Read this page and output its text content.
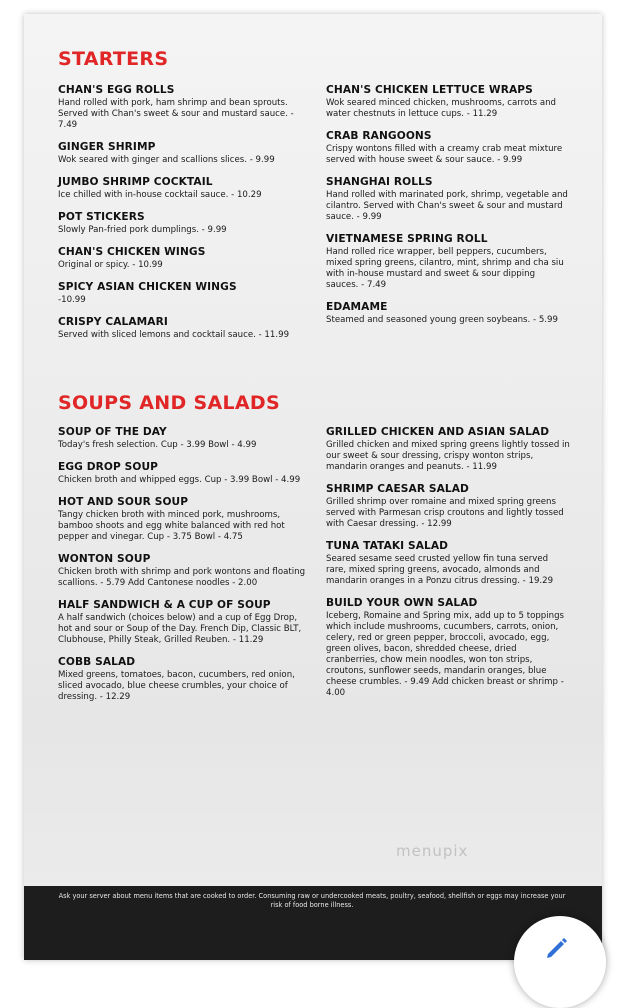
STARTERS
CHAN'S EGG ROLLS
Hand rolled with pork, ham shrimp and bean sprouts. Served with Chan's sweet & sour and mustard sauce. - 7.49
GINGER SHRIMP
Wok seared with ginger and scallions slices. - 9.99
JUMBO SHRIMP COCKTAIL
Ice chilled with in-house cocktail sauce. - 10.29
POT STICKERS
Slowly Pan-fried pork dumplings. - 9.99
CHAN'S CHICKEN WINGS
Original or spicy. - 10.99
SPICY ASIAN CHICKEN WINGS
-10.99
CRISPY CALAMARI
Served with sliced lemons and cocktail sauce. - 11.99
CHAN'S CHICKEN LETTUCE WRAPS
Wok seared minced chicken, mushrooms, carrots and water chestnuts in lettuce cups. - 11.29
CRAB RANGOONS
Crispy wontons filled with a creamy crab meat mixture served with house sweet & sour sauce. - 9.99
SHANGHAI ROLLS
Hand rolled with marinated pork, shrimp, vegetable and cilantro. Served with Chan's sweet & sour and mustard sauce. - 9.99
VIETNAMESE SPRING ROLL
Hand rolled rice wrapper, bell peppers, cucumbers, mixed spring greens, cilantro, mint, shrimp and cha siu with in-house mustard and sweet & sour dipping sauces. - 7.49
EDAMAME
Steamed and seasoned young green soybeans. - 5.99
SOUPS AND SALADS
SOUP OF THE DAY
Today's fresh selection. Cup - 3.99 Bowl - 4.99
EGG DROP SOUP
Chicken broth and whipped eggs. Cup - 3.99 Bowl - 4.99
HOT AND SOUR SOUP
Tangy chicken broth with minced pork, mushrooms, bamboo shoots and egg white balanced with red hot pepper and vinegar. Cup - 3.75 Bowl - 4.75
WONTON SOUP
Chicken broth with shrimp and pork wontons and floating scallions. - 5.79 Add Cantonese noodles - 2.00
HALF SANDWICH & A CUP OF SOUP
A half sandwich (choices below) and a cup of Egg Drop, hot and sour or Soup of the Day. French Dip, Classic BLT, Clubhouse, Philly Steak, Grilled Reuben. - 11.29
COBB SALAD
Mixed greens, tomatoes, bacon, cucumbers, red onion, sliced avocado, blue cheese crumbles, your choice of dressing. - 12.29
GRILLED CHICKEN AND ASIAN SALAD
Grilled chicken and mixed spring greens lightly tossed in our sweet & sour dressing, crispy wonton strips, mandarin oranges and peanuts. - 11.99
SHRIMP CAESAR SALAD
Grilled shrimp over romaine and mixed spring greens served with Parmesan crisp croutons and lightly tossed with Caesar dressing. - 12.99
TUNA TATAKI SALAD
Seared sesame seed crusted yellow fin tuna served rare, mixed spring greens, avocado, almonds and mandarin oranges in a Ponzu citrus dressing. - 19.29
BUILD YOUR OWN SALAD
Iceberg, Romaine and Spring mix, add up to 5 toppings which include mushrooms, cucumbers, carrots, onion, celery, red or green pepper, broccoli, avocado, egg, green olives, bacon, shredded cheese, dried cranberries, chow mein noodles, won ton strips, croutons, sunflower seeds, mandarin oranges, blue cheese crumbles. - 9.49 Add chicken breast or shrimp - 4.00
menupix
Ask your server about menu items that are cooked to order. Consuming raw or undercooked meats, poultry, seafood, shellfish or eggs may increase your risk of food borne illness.
